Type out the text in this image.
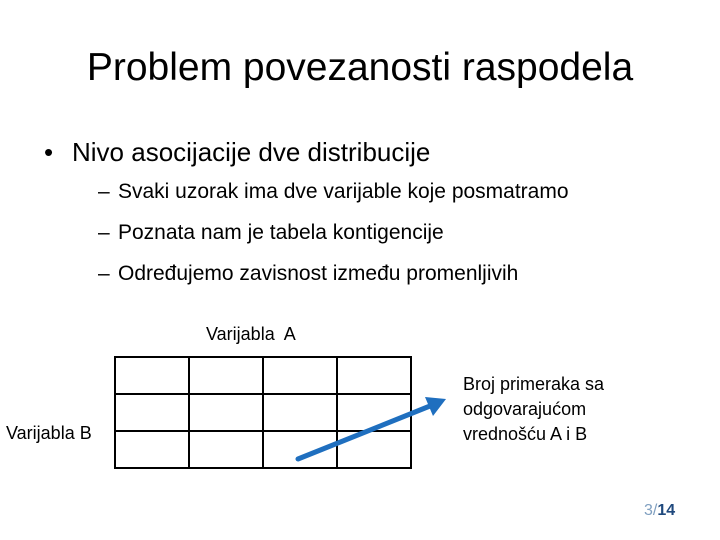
Problem povezanosti raspodela
• Nivo asocijacije dve distribucije
– Svaki uzorak ima dve varijable koje posmatramo
– Poznata nam je tabela kontigencije
– Određujemo zavisnost između promenljivih
Varijabla  A
Varijabla B

Broj primeraka sa
odgovarajućom
vrednošću A i B
3/14
